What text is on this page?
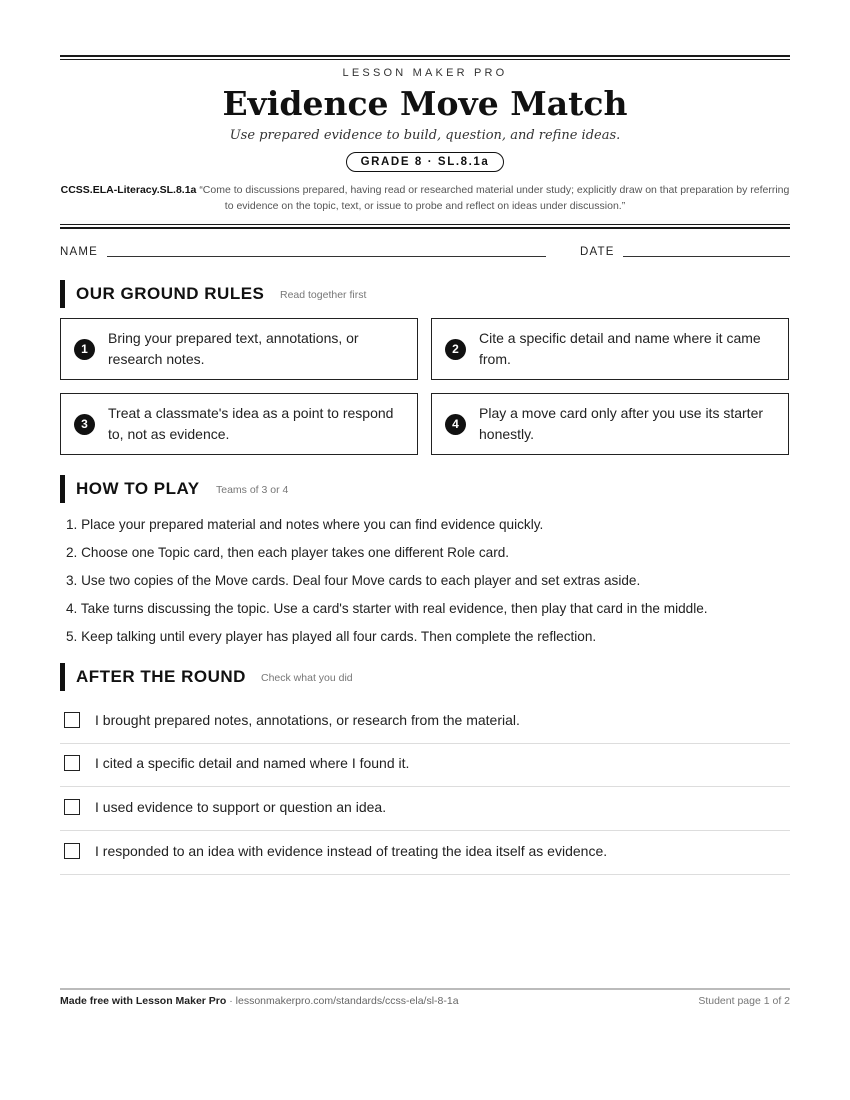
LESSON MAKER PRO
Evidence Move Match
Use prepared evidence to build, question, and refine ideas.
GRADE 8 · SL.8.1a
CCSS.ELA-Literacy.SL.8.1a “Come to discussions prepared, having read or researched material under study; explicitly draw on that preparation by referring to evidence on the topic, text, or issue to probe and reflect on ideas under discussion.”
NAME	DATE
OUR GROUND RULES Read together first
1
Bring your prepared text, annotations, or research notes.
2
Cite a specific detail and name where it came from.
3
Treat a classmate's idea as a point to respond to, not as evidence.
4
Play a move card only after you use its starter honestly.
HOW TO PLAY Teams of 3 or 4
1. Place your prepared material and notes where you can find evidence quickly.
2. Choose one Topic card, then each player takes one different Role card.
3. Use two copies of the Move cards. Deal four Move cards to each player and set extras aside.
4. Take turns discussing the topic. Use a card's starter with real evidence, then play that card in the middle.
5. Keep talking until every player has played all four cards. Then complete the reflection.
AFTER THE ROUND Check what you did
I brought prepared notes, annotations, or research from the material.
I cited a specific detail and named where I found it.
I used evidence to support or question an idea.
I responded to an idea with evidence instead of treating the idea itself as evidence.
Made free with Lesson Maker Pro · lessonmakerpro.com/standards/ccss-ela/sl-8-1a	Student page 1 of 2
